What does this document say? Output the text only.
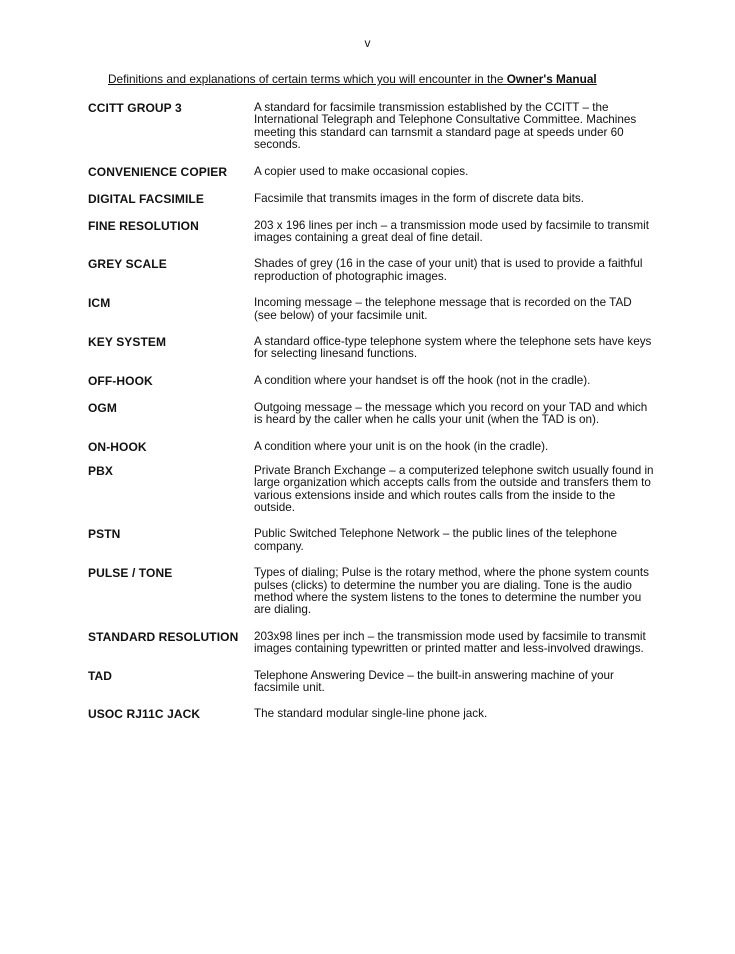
v
Definitions and explanations of certain terms which you will encounter in the Owner's Manual
CCITT GROUP 3	A standard for facsimile transmission established by the CCITT – the International Telegraph and Telephone Consultative Committee. Machines meeting this standard can tarnsmit a standard page at speeds under 60 seconds.
CONVENIENCE COPIER	A copier used to make occasional copies.
DIGITAL FACSIMILE	Facsimile that transmits images in the form of discrete data bits.
FINE RESOLUTION	203 x 196 lines per inch – a transmission mode used by facsimile to transmit images containing a great deal of fine detail.
GREY SCALE	Shades of grey (16 in the case of your unit) that is used to provide a faithful reproduction of photographic images.
ICM	Incoming message – the telephone message that is recorded on the TAD (see below) of your facsimile unit.
KEY SYSTEM	A standard office-type telephone system where the telephone sets have keys for selecting linesand functions.
OFF-HOOK	A condition where your handset is off the hook (not in the cradle).
OGM	Outgoing message – the message which you record on your TAD and which is heard by the caller when he calls your unit (when the TAD is on).
ON-HOOK	A condition where your unit is on the hook (in the cradle).
PBX	Private Branch Exchange – a computerized telephone switch usually found in large organization which accepts calls from the outside and transfers them to various extensions inside and which routes calls from the inside to the outside.
PSTN	Public Switched Telephone Network – the public lines of the telephone company.
PULSE / TONE	Types of dialing; Pulse is the rotary method, where the phone system counts pulses (clicks) to determine the number you are dialing. Tone is the audio method where the system listens to the tones to determine the number you are dialing.
STANDARD RESOLUTION	203x98 lines per inch – the transmission mode used by facsimile to transmit images containing typewritten or printed matter and less-involved drawings.
TAD	Telephone Answering Device – the built-in answering machine of your facsimile unit.
USOC RJ11C JACK	The standard modular single-line phone jack.
